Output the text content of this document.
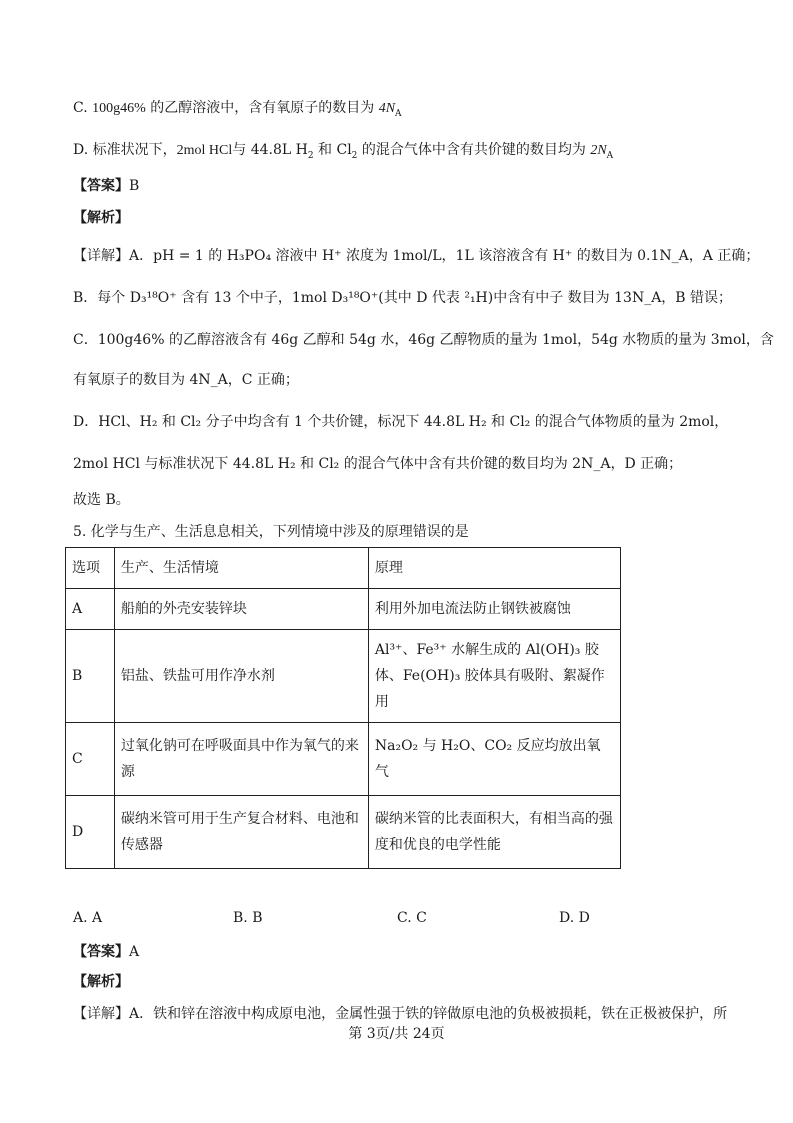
C. 100g46% 的乙醇溶液中，含有氧原子的数目为 $4N_A$
D. 标准状况下，2mol HCl与 44.8L $H_2$ 和 $Cl_2$ 的混合气体中含有共价键的数目均为 $2N_A$
【答案】B
【解析】
【详解】A．pH = 1 的 H₃PO₄ 溶液中 H⁺ 浓度为 1mol/L，1L 该溶液含有 H⁺ 的数目为 0.1N_A，A 正确；
B．每个 D₃¹⁸O⁺ 含有 13 个中子，1mol D₃¹⁸O⁺(其中 D 代表 ²₁H)中含有中子 数目为 13N_A，B 错误；
C．100g46% 的乙醇溶液含有 46g 乙醇和 54g 水，46g 乙醇物质的量为 1mol，54g 水物质的量为 3mol，含
有氧原子的数目为 4N_A，C 正确；
D．HCl、H₂ 和 Cl₂ 分子中均含有 1 个共价键，标况下 44.8L H₂ 和 Cl₂ 的混合气体物质的量为 2mol，
2mol HCl 与标准状况下 44.8L H₂ 和 Cl₂ 的混合气体中含有共价键的数目均为 2N_A，D 正确；
故选 B。
5. 化学与生产、生活息息相关，下列情境中涉及的原理错误的是
选项	生产、生活情境	原理
A	船舶的外壳安装锌块	利用外加电流法防止钢铁被腐蚀
B	铝盐、铁盐可用作净水剂	Al³⁺、Fe³⁺ 水解生成的 Al(OH)₃ 胶体、Fe(OH)₃ 胶体具有吸附、絮凝作用
C	过氧化钠可在呼吸面具中作为氧气的来源	Na₂O₂ 与 H₂O、CO₂ 反应均放出氧气
D	碳纳米管可用于生产复合材料、电池和传感器	碳纳米管的比表面积大，有相当高的强度和优良的电学性能
A. A	B. B	C. C	D. D
【答案】A
【解析】
【详解】A．铁和锌在溶液中构成原电池，金属性强于铁的锌做原电池的负极被损耗，铁在正极被保护，所
第 3页/共 24页
